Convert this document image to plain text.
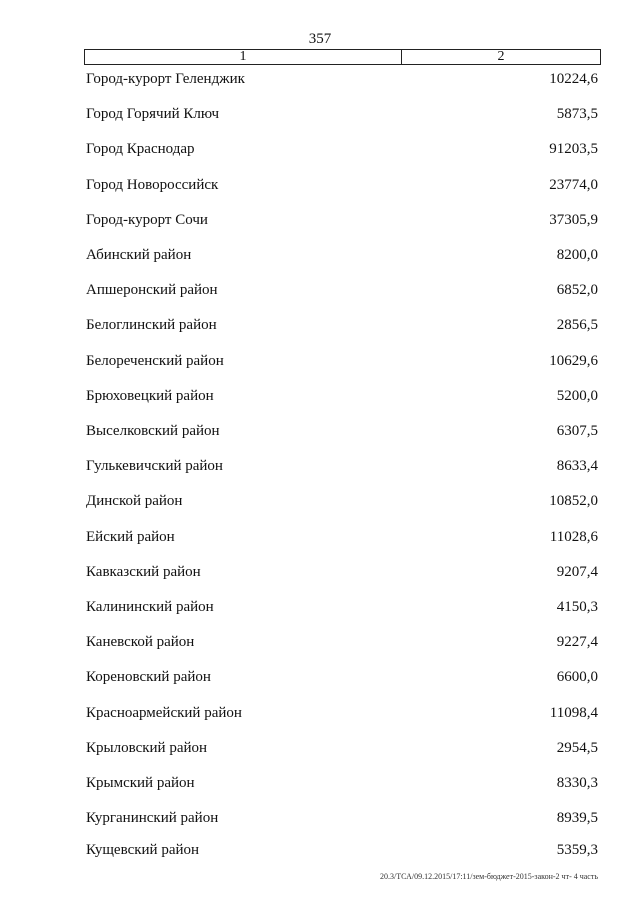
357
1	2
Город-курорт Геленджик	10224,6
Город Горячий Ключ	5873,5
Город Краснодар	91203,5
Город Новороссийск	23774,0
Город-курорт Сочи	37305,9
Абинский район	8200,0
Апшеронский район	6852,0
Белоглинский район	2856,5
Белореченский район	10629,6
Брюховецкий район	5200,0
Выселковский район	6307,5
Гулькевичский район	8633,4
Динской район	10852,0
Ейский район	11028,6
Кавказский район	9207,4
Калининский район	4150,3
Каневской район	9227,4
Кореновский район	6600,0
Красноармейский район	11098,4
Крыловский район	2954,5
Крымский район	8330,3
Курганинский район	8939,5
Кущевский район	5359,3
20.3/ТСА/09.12.2015/17:11/зем-бюджет-2015-закон-2 чт- 4 часть
